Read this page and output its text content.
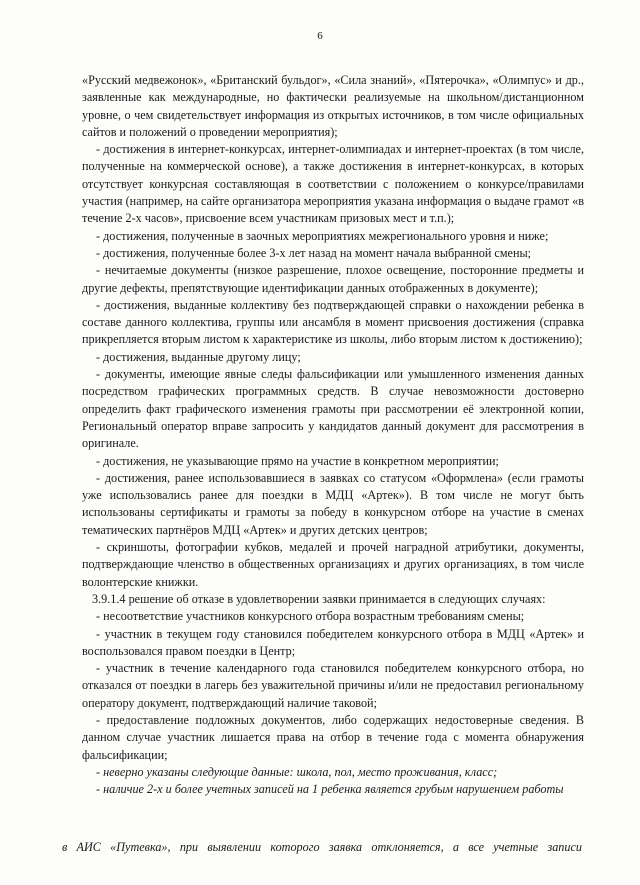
6

«Русский медвежонок», «Британский бульдог», «Сила знаний», «Пятерочка», «Олимпус» и др., заявленные как международные, но фактически реализуемые на школьном/дистанционном уровне, о чем свидетельствует информация из открытых источников, в том числе официальных сайтов и положений о проведении мероприятия);

- достижения в интернет-конкурсах, интернет-олимпиадах и интернет-проектах (в том числе, полученные на коммерческой основе), а также достижения в интернет-конкурсах, в которых отсутствует конкурсная составляющая в соответствии с положением о конкурсе/правилами участия (например, на сайте организатора мероприятия указана информация о выдаче грамот «в течение 2-х часов», присвоение всем участникам призовых мест и т.п.);

- достижения, полученные в заочных мероприятиях межрегионального уровня и ниже;

- достижения, полученные более 3-х лет назад на момент начала выбранной смены;

- нечитаемые документы (низкое разрешение, плохое освещение, посторонние предметы и другие дефекты, препятствующие идентификации данных отображенных в документе);

- достижения, выданные коллективу без подтверждающей справки о нахождении ребенка в составе данного коллектива, группы или ансамбля в момент присвоения достижения (справка прикрепляется вторым листом к характеристике из школы, либо вторым листом к достижению);

- достижения, выданные другому лицу;

- документы, имеющие явные следы фальсификации или умышленного изменения данных посредством графических программных средств. В случае невозможности достоверно определить факт графического изменения грамоты при рассмотрении её электронной копии, Региональный оператор вправе запросить у кандидатов данный документ для рассмотрения в оригинале.

- достижения, не указывающие прямо на участие в конкретном мероприятии;

- достижения, ранее использовавшиеся в заявках со статусом «Оформлена» (если грамоты уже использовались ранее для поездки в МДЦ «Артек»). В том числе не могут быть использованы сертификаты и грамоты за победу в конкурсном отборе на участие в сменах тематических партнёров МДЦ «Артек» и других детских центров;

- скриншоты, фотографии кубков, медалей и прочей наградной атрибутики, документы, подтверждающие членство в общественных организациях и других организациях, в том числе волонтерские книжки.

3.9.1.4 решение об отказе в удовлетворении заявки принимается в следующих случаях:

- несоответствие участников конкурсного отбора возрастным требованиям смены;

- участник в текущем году становился победителем конкурсного отбора в МДЦ «Артек» и воспользовался правом поездки в Центр;

- участник в течение календарного года становился победителем конкурсного отбора, но отказался от поездки в лагерь без уважительной причины и/или не предоставил региональному оператору документ, подтверждающий наличие таковой;

- предоставление подложных документов, либо содержащих недостоверные сведения. В данном случае участник лишается права на отбор в течение года с момента обнаружения фальсификации;

- неверно указаны следующие данные: школа, пол, место проживания, класс;

- наличие 2-х и более учетных записей на 1 ребенка является грубым нарушением работы

в АИС «Путевка», при выявлении которого заявка отклоняется, а все учетные записи
